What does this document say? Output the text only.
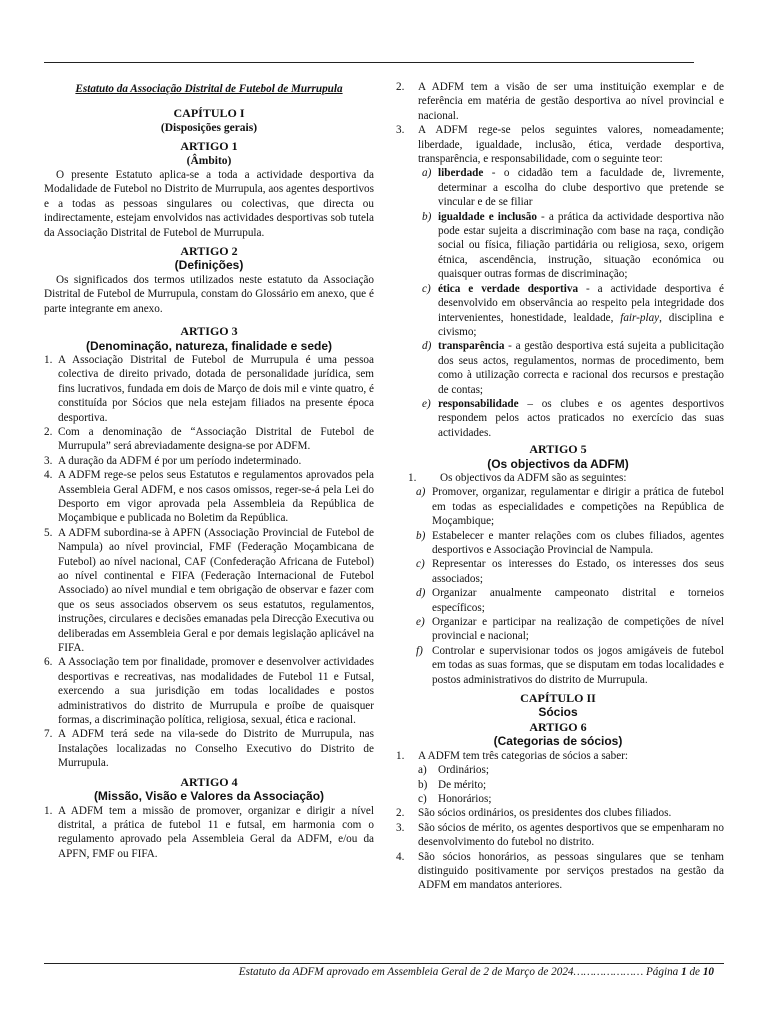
Estatuto da Associação Distrital de Futebol de Murrupula
CAPÍTULO I
(Disposições gerais)
ARTIGO 1
(Âmbito)

O presente Estatuto aplica-se a toda a actividade desportiva da Modalidade de Futebol no Distrito de Murrupula, aos agentes desportivos e a todas as pessoas singulares ou colectivas, que directa ou indirectamente, estejam envolvidos nas actividades desportivas sob tutela da Associação Distrital de Futebol de Murrupula.

ARTIGO 2
(Definições)

Os significados dos termos utilizados neste estatuto da Associação Distrital de Futebol de Murrupula, constam do Glossário em anexo, que é parte integrante em anexo.

ARTIGO 3
(Denominação, natureza, finalidade e sede)
1. A Associação Distrital de Futebol de Murrupula é uma pessoa colectiva de direito privado, dotada de personalidade jurídica, sem fins lucrativos, fundada em dois de Março de dois mil e vinte quatro, é constituída por Sócios que nela estejam filiados na presente época desportiva.
2. Com a denominação de “Associação Distrital de Futebol de Murrupula” será abreviadamente designa-se por ADFM.
3. A duração da ADFM é por um período indeterminado.
4. A ADFM rege-se pelos seus Estatutos e regulamentos aprovados pela Assembleia Geral ADFM, e nos casos omissos, reger-se-á pela Lei do Desporto em vigor aprovada pela Assembleia da República de Moçambique e publicada no Boletim da República.
5. A ADFM subordina-se à APFN (Associação Provincial de Futebol de Nampula) ao nível provincial, FMF (Federação Moçambicana de Futebol) ao nível nacional, CAF (Confederação Africana de Futebol) ao nível continental e FIFA (Federação Internacional de Futebol Associado) ao nível mundial e tem obrigação de observar e fazer com que os seus associados observem os seus estatutos, regulamentos, instruções, circulares e decisões emanadas pela Direcção Executiva ou deliberadas em Assembleia Geral e por demais legislação aplicável na FIFA.
6. A Associação tem por finalidade, promover e desenvolver actividades desportivas e recreativas, nas modalidades de Futebol 11 e Futsal, exercendo a sua jurisdição em todas localidades e postos administrativos do distrito de Murrupula e proíbe de quaisquer formas, a discriminação política, religiosa, sexual, ética e racional.
7. A ADFM terá sede na vila-sede do Distrito de Murrupula, nas Instalações localizadas no Conselho Executivo do Distrito de Murrupula.
ARTIGO 4
(Missão, Visão e Valores da Associação)
1. A ADFM tem a missão de promover, organizar e dirigir a nível distrital, a prática de futebol 11 e futsal, em harmonia com o regulamento aprovado pela Assembleia Geral da ADFM, e/ou da APFN, FMF ou FIFA.
2. A ADFM tem a visão de ser uma instituição exemplar e de referência em matéria de gestão desportiva ao nível provincial e nacional.
3. A ADFM rege-se pelos seguintes valores, nomeadamente; liberdade, igualdade, inclusão, ética, verdade desportiva, transparência, e responsabilidade, com o seguinte teor:
a) liberdade - o cidadão tem a faculdade de, livremente, determinar a escolha do clube desportivo que pretende se vincular e de se filiar
b) igualdade e inclusão - a prática da actividade desportiva não pode estar sujeita a discriminação com base na raça, condição social ou física, filiação partidária ou religiosa, sexo, origem étnica, ascendência, instrução, situação económica ou quaisquer outras formas de discriminação;
c) ética e verdade desportiva - a actividade desportiva é desenvolvido em observância ao respeito pela integridade dos intervenientes, honestidade, lealdade, fair-play, disciplina e civismo;
d) transparência - a gestão desportiva está sujeita a publicitação dos seus actos, regulamentos, normas de procedimento, bem como à utilização correcta e racional dos recursos e prestação de contas;
e) responsabilidade – os clubes e os agentes desportivos respondem pelos actos praticados no exercício das suas actividades.
ARTIGO 5
(Os objectivos da ADFM)
1. Os objectivos da ADFM são as seguintes:
a) Promover, organizar, regulamentar e dirigir a prática de futebol em todas as especialidades e competições na República de Moçambique;
b) Estabelecer e manter relações com os clubes filiados, agentes desportivos e Associação Provincial de Nampula.
c) Representar os interesses do Estado, os interesses dos seus associados;
d) Organizar anualmente campeonato distrital e torneios específicos;
e) Organizar e participar na realização de competições de nível provincial e nacional;
f) Controlar e supervisionar todos os jogos amigáveis de futebol em todas as suas formas, que se disputam em todas localidades e postos administrativos do distrito de Murrupula.
CAPÍTULO II
Sócios
ARTIGO 6
(Categorias de sócios)
1. A ADFM tem três categorias de sócios a saber:
a) Ordinários;
b) De mérito;
c) Honorários;
2. São sócios ordinários, os presidentes dos clubes filiados.
3. São sócios de mérito, os agentes desportivos que se empenharam no desenvolvimento do futebol no distrito.
4. São sócios honorários, as pessoas singulares que se tenham distinguido positivamente por serviços prestados na gestão da ADFM em mandatos anteriores.
Estatuto da ADFM aprovado em Assembleia Geral de 2 de Março de 2024………………… Página 1 de 10
